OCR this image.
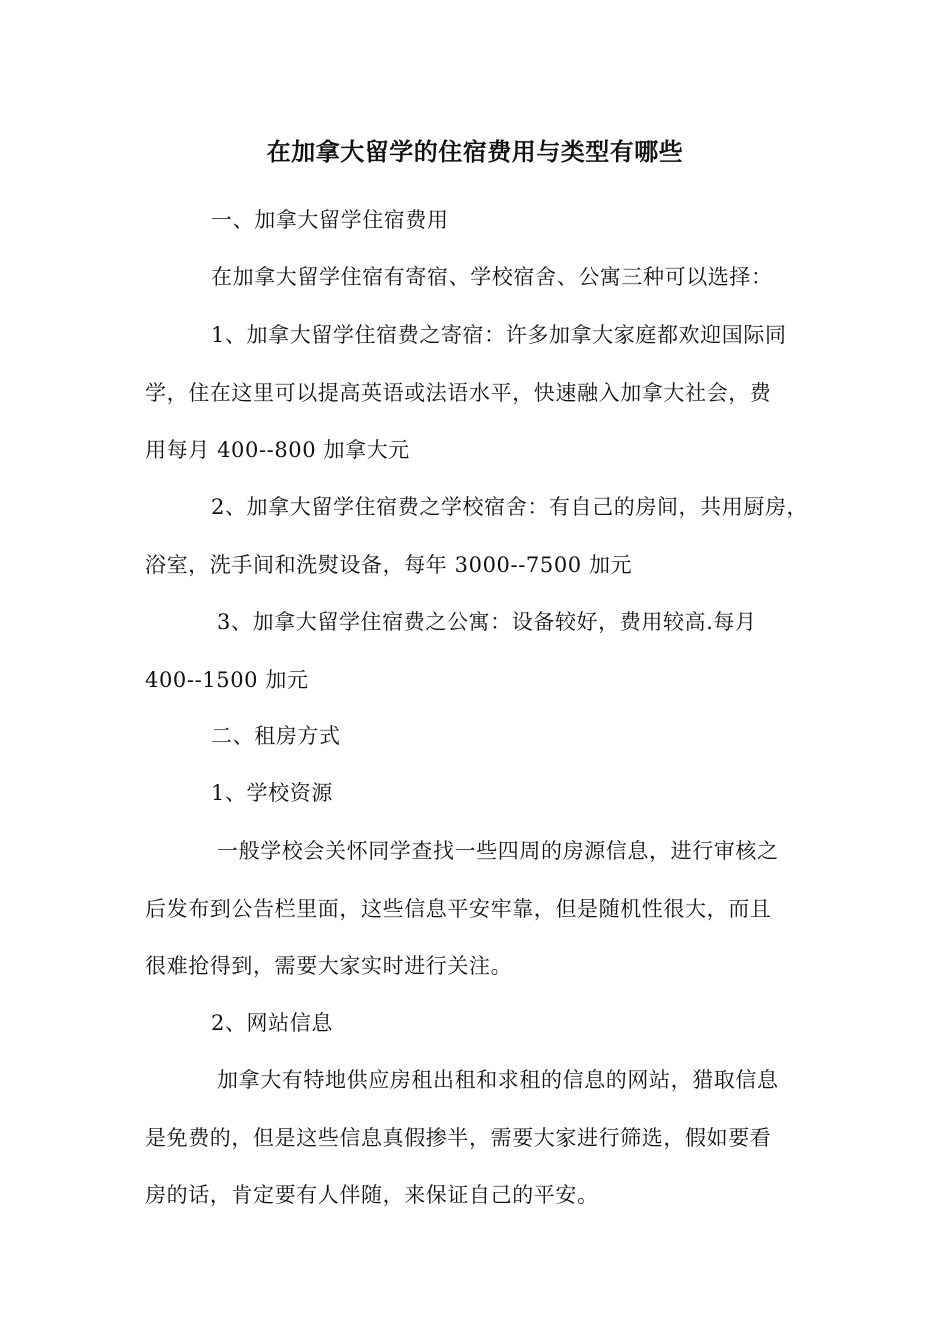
在加拿大留学的住宿费用与类型有哪些
一、加拿大留学住宿费用
在加拿大留学住宿有寄宿、学校宿舍、公寓三种可以选择：
1、加拿大留学住宿费之寄宿：许多加拿大家庭都欢迎国际同
学，住在这里可以提高英语或法语水平，快速融入加拿大社会，费
用每月 400--800 加拿大元
2、加拿大留学住宿费之学校宿舍：有自己的房间，共用厨房，
浴室，洗手间和洗熨设备，每年 3000--7500 加元
3、加拿大留学住宿费之公寓：设备较好，费用较高.每月
400--1500 加元
二、租房方式
1、学校资源
一般学校会关怀同学查找一些四周的房源信息，进行审核之
后发布到公告栏里面，这些信息平安牢靠，但是随机性很大，而且
很难抢得到，需要大家实时进行关注。
2、网站信息
加拿大有特地供应房租出租和求租的信息的网站，猎取信息
是免费的，但是这些信息真假掺半，需要大家进行筛选，假如要看
房的话，肯定要有人伴随，来保证自己的平安。
